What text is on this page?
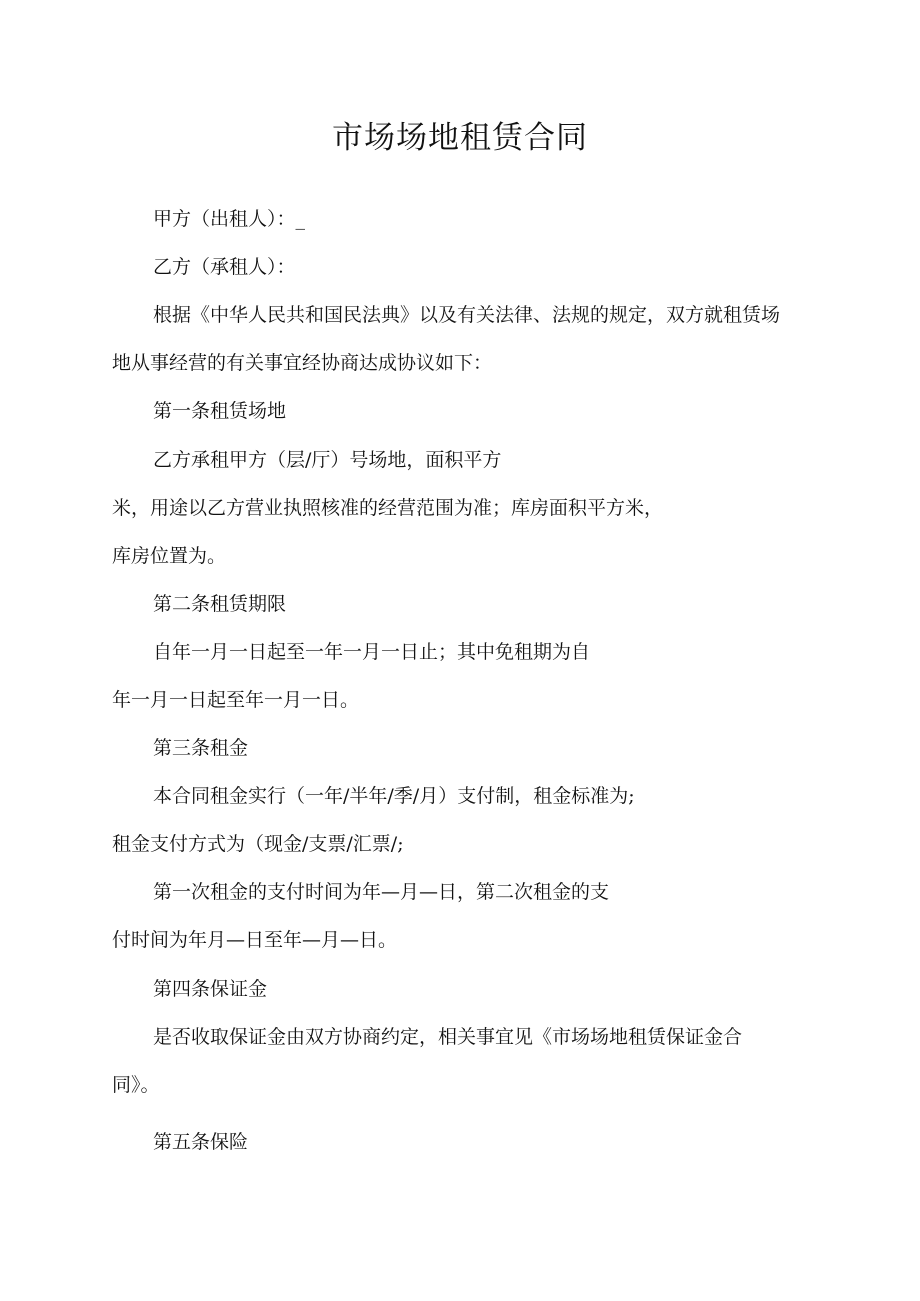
市场场地租赁合同

甲方（出租人）：_

乙方（承租人）：

根据《中华人民共和国民法典》以及有关法律、法规的规定，双方就租赁场

地从事经营的有关事宜经协商达成协议如下：

第一条租赁场地

乙方承租甲方（层/厅）号场地，面积平方

米，用途以乙方营业执照核准的经营范围为准；库房面积平方米，

库房位置为。

第二条租赁期限

自年一月一日起至一年一月一日止；其中免租期为自

年一月一日起至年一月一日。

第三条租金

本合同租金实行（一年/半年/季/月）支付制，租金标准为;

租金支付方式为（现金/支票/汇票/;

第一次租金的支付时间为年—月—日，第二次租金的支

付时间为年月—日至年—月—日。

第四条保证金

是否收取保证金由双方协商约定，相关事宜见《市场场地租赁保证金合

同》。

第五条保险
